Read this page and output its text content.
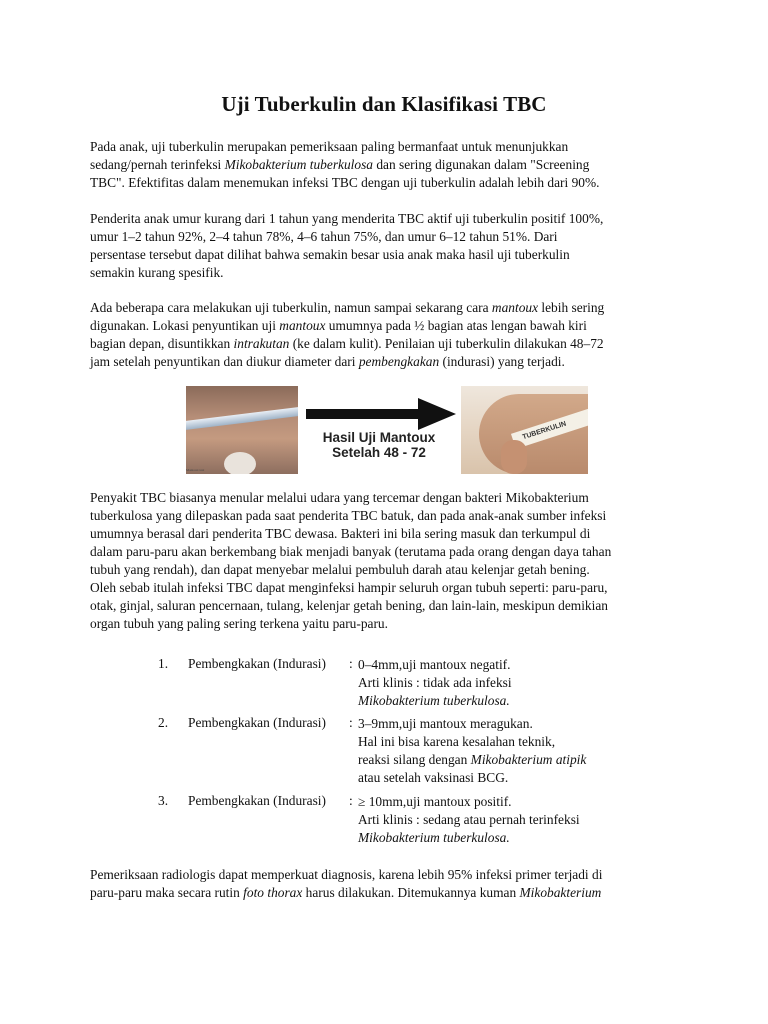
Uji Tuberkulin dan Klasifikasi TBC

Pada anak, uji tuberkulin merupakan pemeriksaan paling bermanfaat untuk menunjukkan
sedang/pernah terinfeksi Mikobakterium tuberkulosa dan sering digunakan dalam "Screening
TBC". Efektifitas dalam menemukan infeksi TBC dengan uji tuberkulin adalah lebih dari 90%.

Penderita anak umur kurang dari 1 tahun yang menderita TBC aktif uji tuberkulin positif 100%,
umur 1–2 tahun 92%, 2–4 tahun 78%, 4–6 tahun 75%, dan umur 6–12 tahun 51%. Dari
persentase tersebut dapat dilihat bahwa semakin besar usia anak maka hasil uji tuberkulin
semakin kurang spesifik.

Ada beberapa cara melakukan uji tuberkulin, namun sampai sekarang cara mantoux lebih sering
digunakan. Lokasi penyuntikan uji mantoux umumnya pada ½ bagian atas lengan bawah kiri
bagian depan, disuntikkan intrakutan (ke dalam kulit). Penilaian uji tuberkulin dilakukan 48–72
jam setelah penyuntikan dan diukur diameter dari pembengkakan (indurasi) yang terjadi.

Mantoux test
Hasil Uji Mantoux
Setelah 48 - 72
TUBERKULIN

Penyakit TBC biasanya menular melalui udara yang tercemar dengan bakteri Mikobakterium
tuberkulosa yang dilepaskan pada saat penderita TBC batuk, dan pada anak-anak sumber infeksi
umumnya berasal dari penderita TBC dewasa. Bakteri ini bila sering masuk dan terkumpul di
dalam paru-paru akan berkembang biak menjadi banyak (terutama pada orang dengan daya tahan
tubuh yang rendah), dan dapat menyebar melalui pembuluh darah atau kelenjar getah bening.
Oleh sebab itulah infeksi TBC dapat menginfeksi hampir seluruh organ tubuh seperti: paru-paru,
otak, ginjal, saluran pencernaan, tulang, kelenjar getah bening, dan lain-lain, meskipun demikian
organ tubuh yang paling sering terkena yaitu paru-paru.

1. Pembengkakan (Indurasi) : 0–4mm,uji mantoux negatif.
Arti klinis : tidak ada infeksi
Mikobakterium tuberkulosa.
2. Pembengkakan (Indurasi) : 3–9mm,uji mantoux meragukan.
Hal ini bisa karena kesalahan teknik,
reaksi silang dengan Mikobakterium atipik
atau setelah vaksinasi BCG.
3. Pembengkakan (Indurasi) : ≥ 10mm,uji mantoux positif.
Arti klinis : sedang atau pernah terinfeksi
Mikobakterium tuberkulosa.

Pemeriksaan radiologis dapat memperkuat diagnosis, karena lebih 95% infeksi primer terjadi di
paru-paru maka secara rutin foto thorax harus dilakukan. Ditemukannya kuman Mikobakterium
